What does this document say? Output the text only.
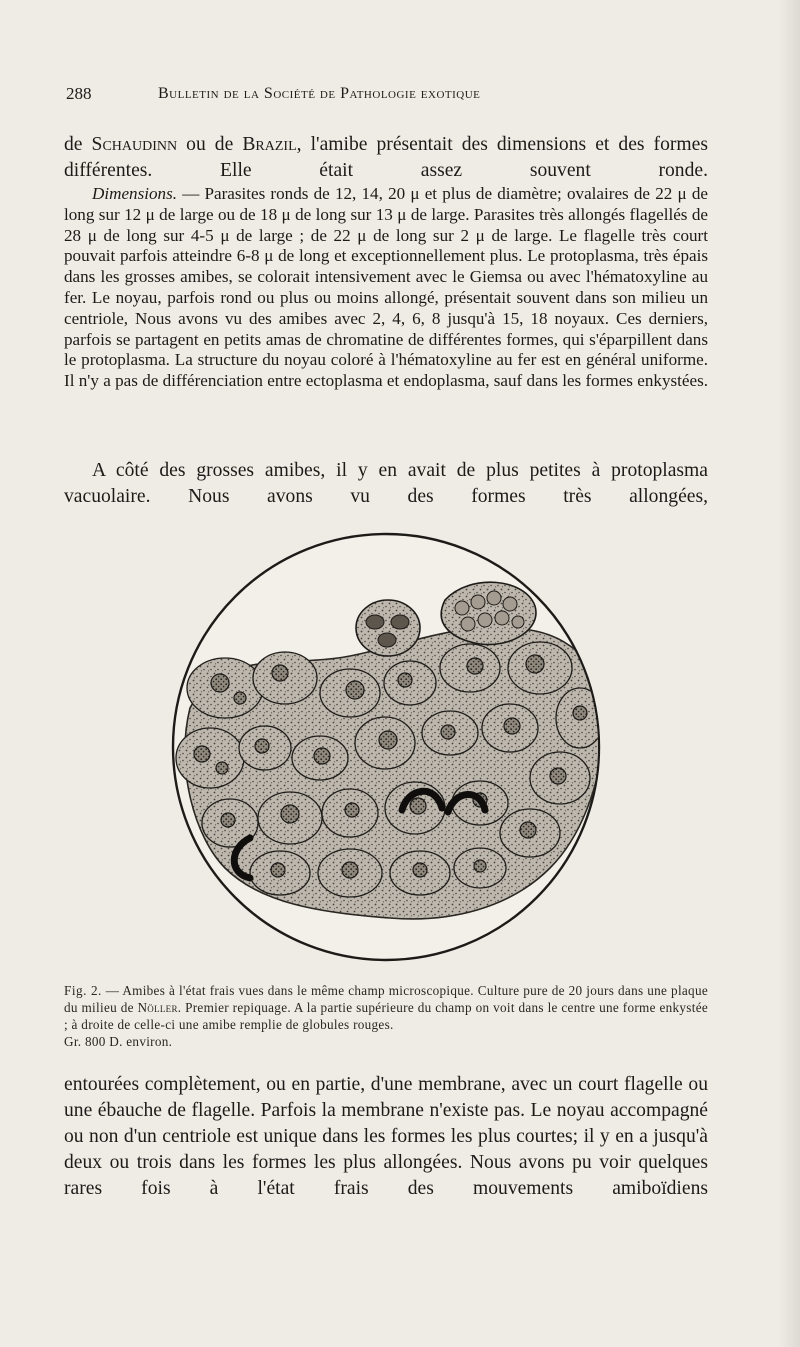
288	Bulletin de la Société de Pathologie exotique

de Schaudinn ou de Brazil, l'amibe présentait des dimensions et des formes différentes. Elle était assez souvent ronde.

Dimensions. — Parasites ronds de 12, 14, 20 μ et plus de diamètre; ovalaires de 22 μ de long sur 12 μ de large ou de 18 μ de long sur 13 μ de large. Parasites très allongés flagellés de 28 μ de long sur 4-5 μ de large ; de 22 μ de long sur 2 μ de large. Le flagelle très court pouvait parfois atteindre 6-8 μ de long et exceptionnellement plus. Le protoplasma, très épais dans les grosses amibes, se colorait intensivement avec le Giemsa ou avec l'hématoxyline au fer. Le noyau, parfois rond ou plus ou moins allongé, présentait souvent dans son milieu un centriole, Nous avons vu des amibes avec 2, 4, 6, 8 jusqu'à 15, 18 noyaux. Ces derniers, parfois se partagent en petits amas de chromatine de différentes formes, qui s'éparpillent dans le protoplasma. La structure du noyau coloré à l'hématoxyline au fer est en général uniforme. Il n'y a pas de différenciation entre ectoplasma et endoplasma, sauf dans les formes enkystées.

A côté des grosses amibes, il y en avait de plus petites à protoplasma vacuolaire. Nous avons vu des formes très allongées,

Fig. 2. — Amibes à l'état frais vues dans le même champ microscopique. Culture pure de 20 jours dans une plaque du milieu de Nöller. Premier repiquage. A la partie supérieure du champ on voit dans le centre une forme enkystée ; à droite de celle-ci une amibe remplie de globules rouges.

Gr. 800 D. environ.

entourées complètement, ou en partie, d'une membrane, avec un court flagelle ou une ébauche de flagelle. Parfois la membrane n'existe pas. Le noyau accompagné ou non d'un centriole est unique dans les formes les plus courtes; il y en a jusqu'à deux ou trois dans les formes les plus allongées. Nous avons pu voir quelques rares fois à l'état frais des mouvements amiboïdiens
